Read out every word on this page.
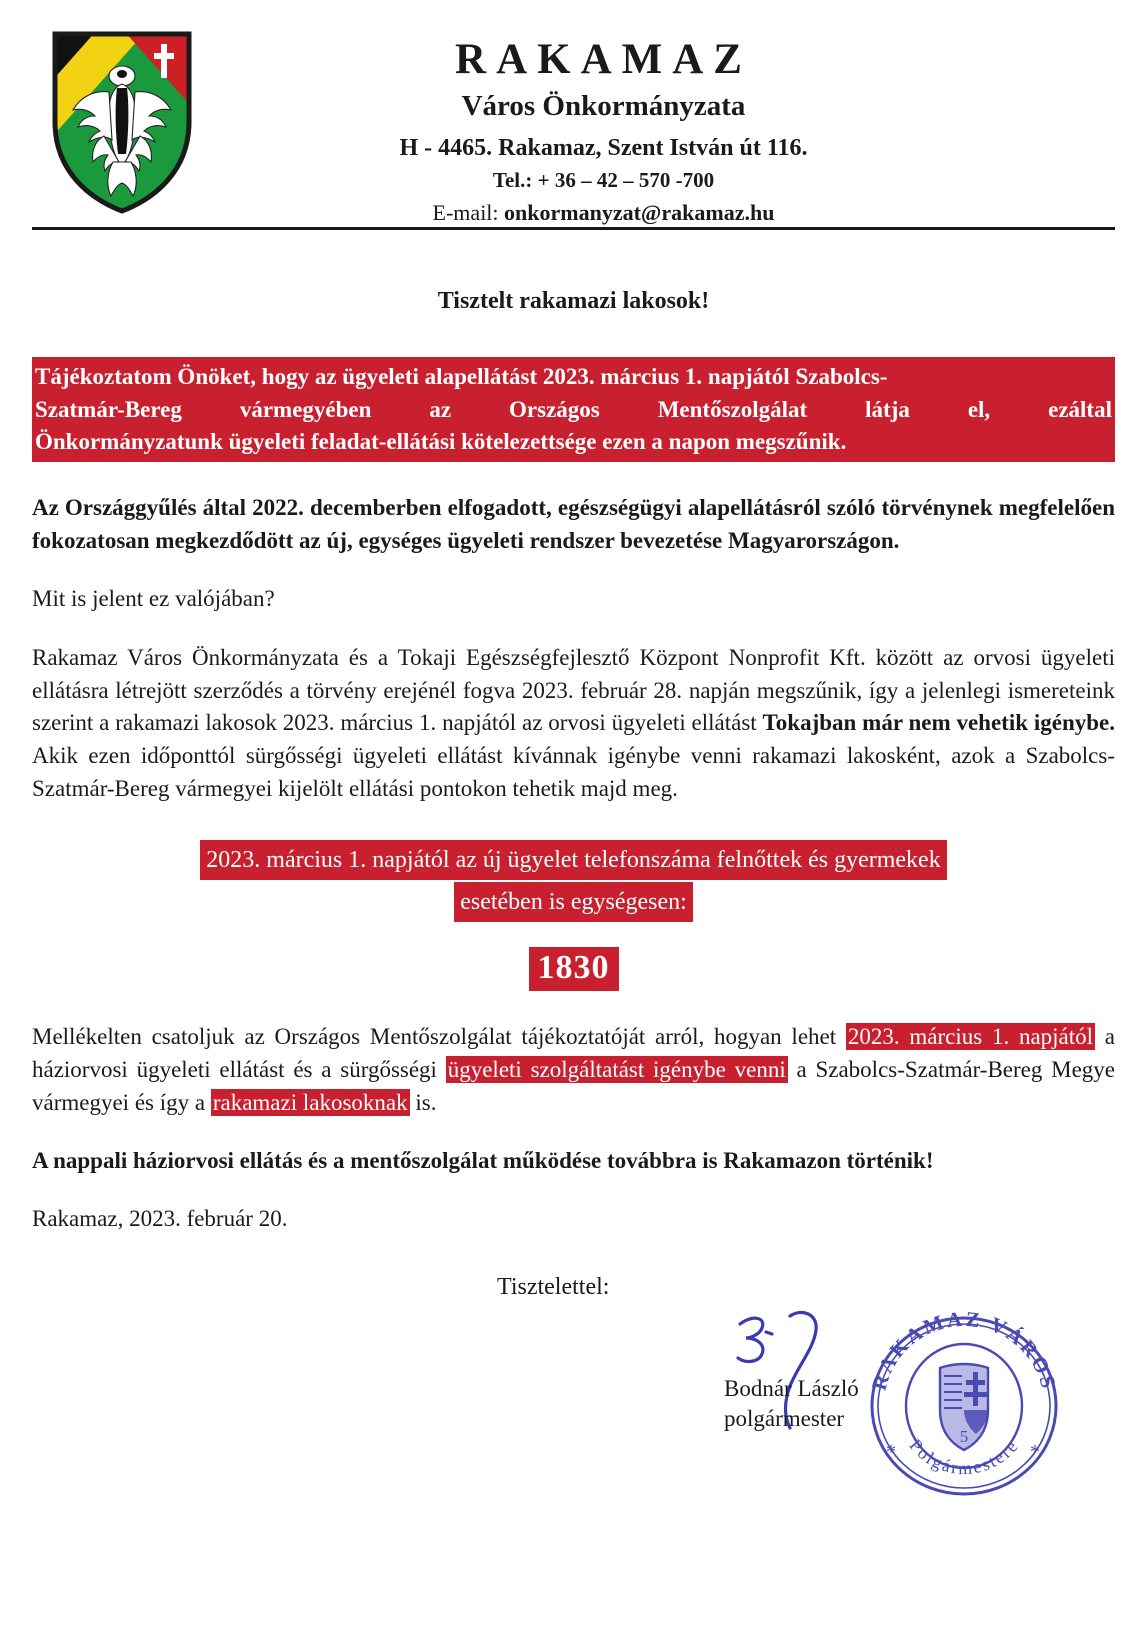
RAKAMAZ
Város Önkormányzata
H - 4465. Rakamaz, Szent István út 116.
Tel.: + 36 – 42 – 570 -700
E-mail: onkormanyzat@rakamaz.hu
Tisztelt rakamazi lakosok!
Tájékoztatom Önöket, hogy az ügyeleti alapellátást 2023. március 1. napjától Szabolcs-
Szatmár-Bereg	vármegyében	az	Országos	Mentőszolgálat	látja	el,	ezáltal
Önkormányzatunk ügyeleti feladat-ellátási kötelezettsége ezen a napon megszűnik.

Az Országgyűlés által 2022. decemberben elfogadott, egészségügyi alapellátásról szóló törvénynek megfelelően fokozatosan megkezdődött az új, egységes ügyeleti rendszer bevezetése Magyarországon.

Mit is jelent ez valójában?

Rakamaz Város Önkormányzata és a Tokaji Egészségfejlesztő Központ Nonprofit Kft. között az orvosi ügyeleti ellátásra létrejött szerződés a törvény erejénél fogva 2023. február 28. napján megszűnik, így a jelenlegi ismereteink szerint a rakamazi lakosok 2023. március 1. napjától az orvosi ügyeleti ellátást Tokajban már nem vehetik igénybe. Akik ezen időponttól sürgősségi ügyeleti ellátást kívánnak igénybe venni rakamazi lakosként, azok a Szabolcs-Szatmár-Bereg vármegyei kijelölt ellátási pontokon tehetik majd meg.

2023. március 1. napjától az új ügyelet telefonszáma felnőttek és gyermekek
esetében is egységesen:
1830

Mellékelten csatoljuk az Országos Mentőszolgálat tájékoztatóját arról, hogyan lehet 2023. március 1. napjától a háziorvosi ügyeleti ellátást és a sürgősségi ügyeleti szolgáltatást igénybe venni a Szabolcs-Szatmár-Bereg Megye vármegyei és így a rakamazi lakosoknak is.

A nappali háziorvosi ellátás és a mentőszolgálat működése továbbra is Rakamazon történik!

Rakamaz, 2023. február 20.
Tisztelettel:
RAKAMAZ VÁROS
Polgármestere
*	*
5
Bodnár László
polgármester
